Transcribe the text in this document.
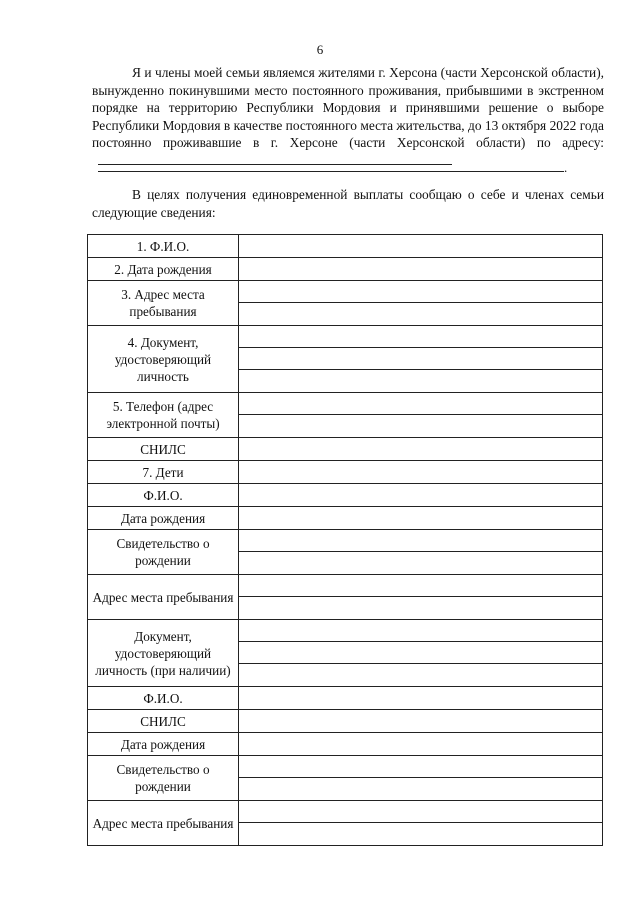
6
Я и члены моей семьи являемся жителями г. Херсона (части Херсонской области), вынужденно покинувшими место постоянного проживания, прибывшими в экстренном порядке на территорию Республики Мордовия и принявшими решение о выборе Республики Мордовия в качестве постоянного места жительства, до 13 октября 2022 года постоянно проживавшие в г. Херсоне (части Херсонской области) по адресу:
.
В целях получения единовременной выплаты сообщаю о себе и членах семьи следующие сведения:
1. Ф.И.О.	

2. Дата рождения	

3. Адрес места пребывания	

4. Документ, удостоверяющий личность	

5. Телефон (адрес электронной почты)	

СНИЛС	

7. Дети	

Ф.И.О.	

Дата рождения	

Свидетельство о рождении	

Адрес места пребывания	

Документ, удостоверяющий личность (при наличии)	

Ф.И.О.	

СНИЛС	

Дата рождения	

Свидетельство о рождении	

Адрес места пребывания	
